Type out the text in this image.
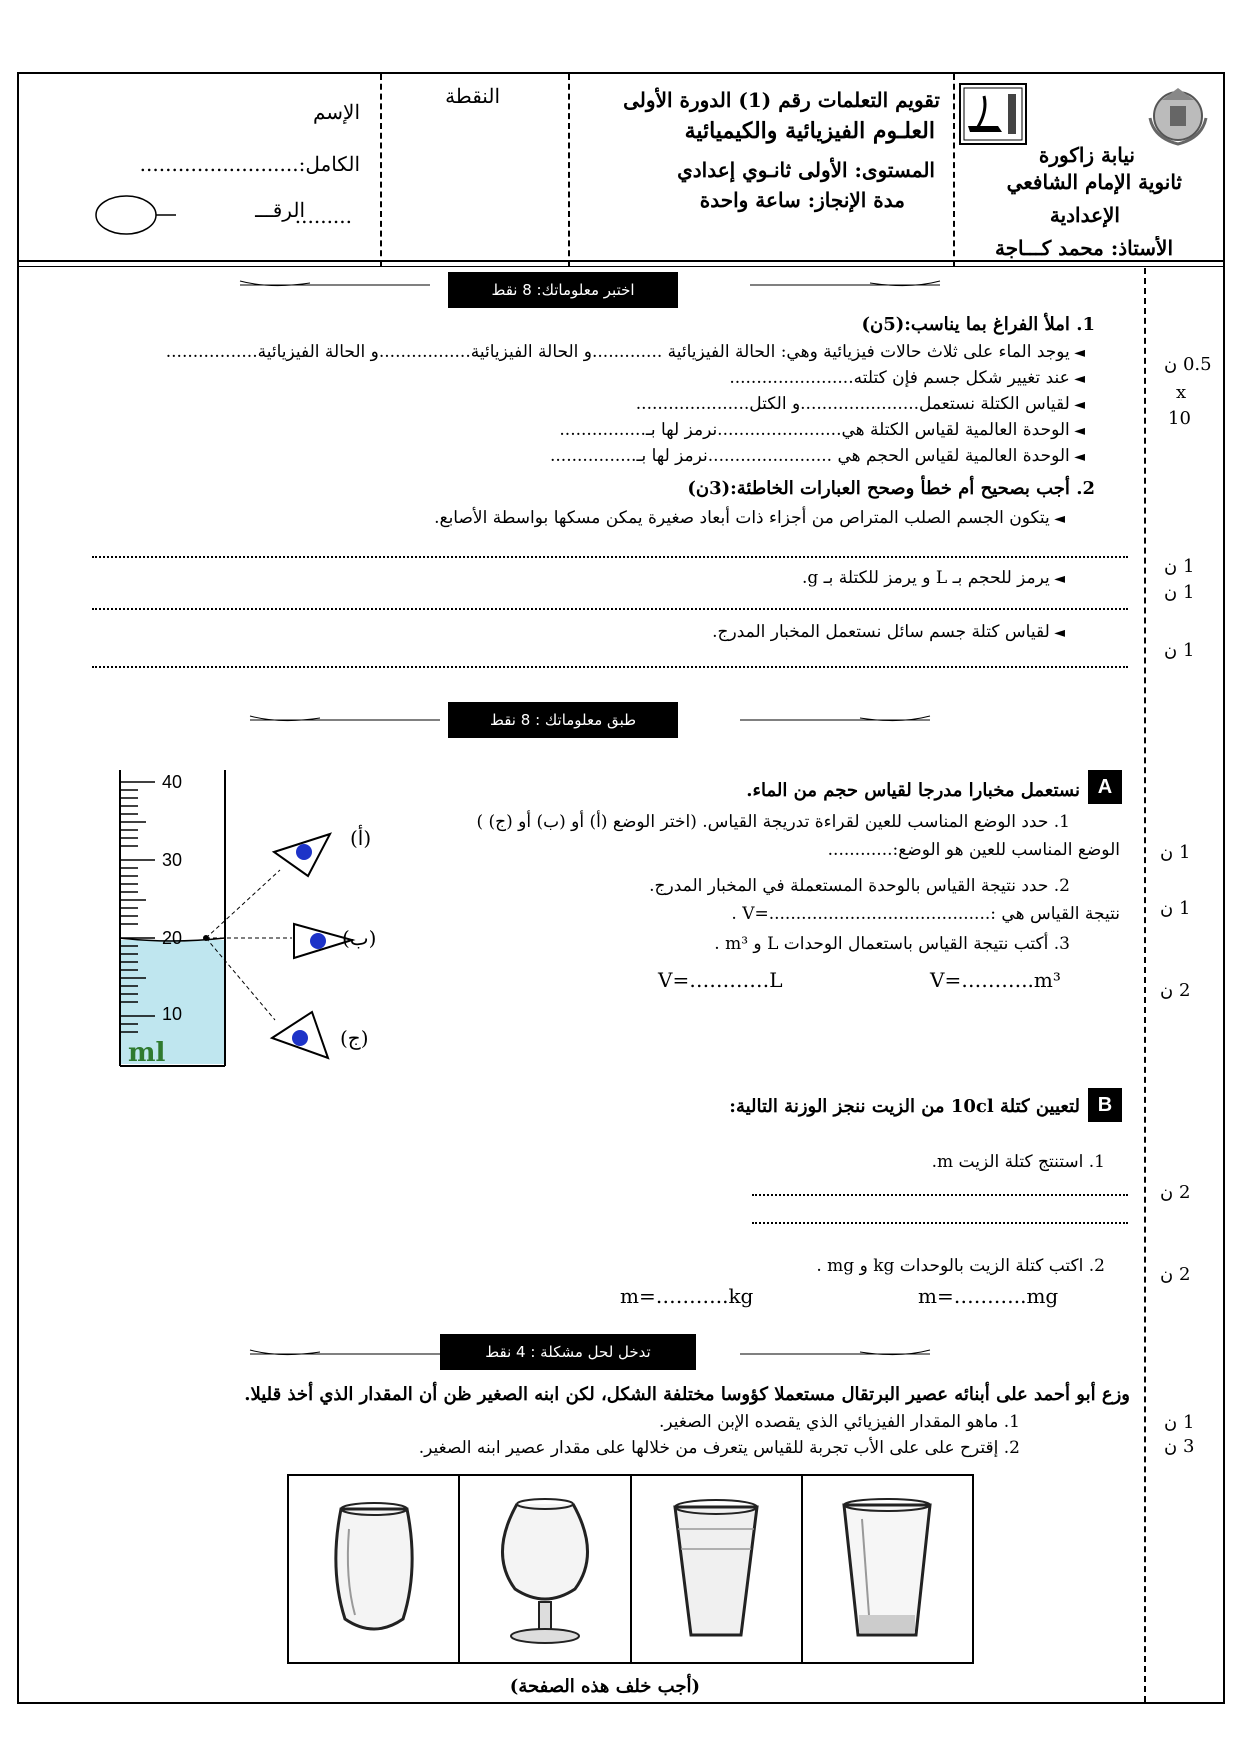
الإسم
الكامل:.........................
الرقـــ
.........
النقطة	تقويم التعلمات رقم (1) الدورة الأولى
العلـوم الفيزيائية والكيميائية
المستوى: الأولى ثانـوي إعدادي
مدة الإنجاز: ساعة واحدة
نيابة زاكورة
ثانوية الإمام الشافعي
الإعدادية
الأستاذ: محمد كـــاجة
اختبر معلوماتك: 8 نقط
1. املأ الفراغ بما يناسب:(5ن)
◄ يوجد الماء على ثلاث حالات فيزيائية وهي: الحالة الفيزيائية .............و الحالة الفيزيائية.................و الحالة الفيزيائية.................
◄ عند تغيير شكل جسم فإن كتلته.......................
◄ لقياس الكتلة نستعمل......................و الكتل.....................
◄ الوحدة العالمية لقياس الكتلة هي.......................نرمز لها بـ................
◄ الوحدة العالمية لقياس الحجم هي .......................نرمز لها بـ................
0.5 ن
x
10
2. أجب بصحيح أم خطأ وصحح العبارات الخاطئة:(3ن)
◄ يتكون الجسم الصلب المتراص من أجزاء ذات أبعاد صغيرة يمكن مسكها بواسطة الأصابع.
◄ يرمز للحجم بـ L و يرمز للكتلة بـ g.
◄ لقياس كتلة جسم سائل نستعمل المخبار المدرج.
1 ن
1 ن
1 ن
طبق معلوماتك : 8 نقط
40
30
20
10
ml
(أ)
(ب)
(ج)
A
نستعمل مخبارا مدرجا لقياس حجم من الماء.
1. حدد الوضع المناسب للعين لقراءة تدريجة القياس. (اختر الوضع (أ) أو (ب) أو (ج) )
الوضع المناسب للعين هو الوضع:............
2. حدد نتيجة القياس بالوحدة المستعملة في المخبار المدرج.
نتيجة القياس هي :.........................................=V .
3. أكتب نتيجة القياس باستعمال الوحدات L و m³ .
V=…………L	V=………..m³
1 ن
1 ن
2 ن
B
لتعيين كتلة 10cl من الزيت ننجز الوزنة التالية:
1. استنتج كتلة الزيت m.
2. اكتب كتلة الزيت بالوحدات kg و mg .
m=………..kg	m=………..mg
2 ن
2 ن
تدخل لحل مشكلة : 4 نقط
وزع أبو أحمد على أبنائه عصير البرتقال مستعملا كؤوسا مختلفة الشكل، لكن ابنه الصغير ظن أن المقدار الذي أخذ قليلا.
1. ماهو المقدار الفيزيائي الذي يقصده الإبن الصغير.
2. إقترح على على الأب تجربة للقياس يتعرف من خلالها على مقدار عصير ابنه الصغير.
1 ن
3 ن
(أجب خلف هذه الصفحة)
